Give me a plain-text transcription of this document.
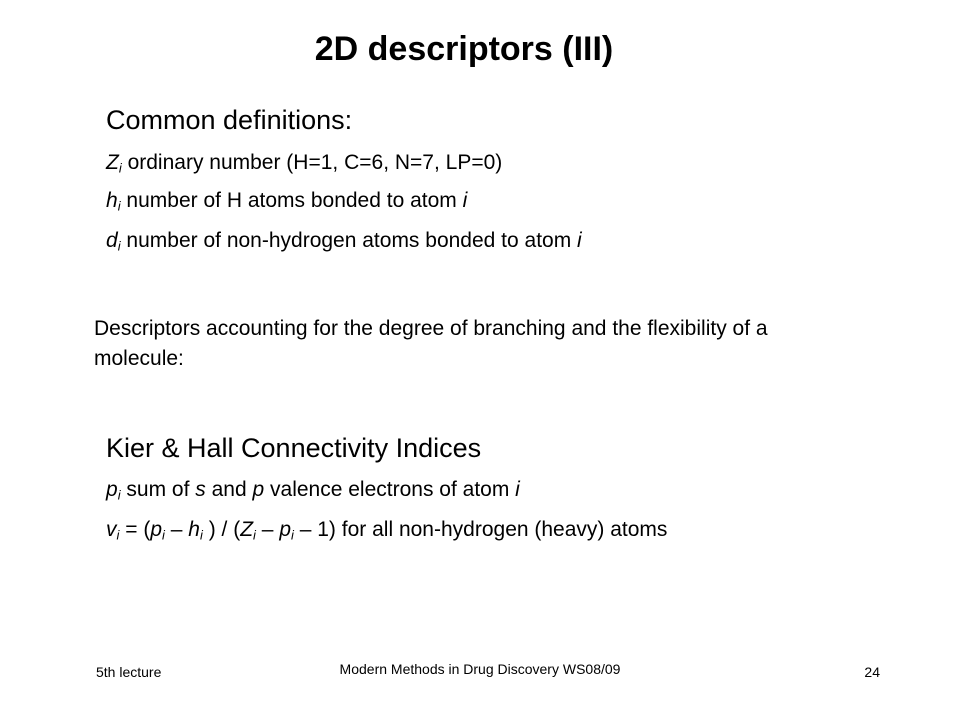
2D descriptors (III)
Common definitions:
$Z_i$ ordinary number (H=1, C=6, N=7, LP=0)
$h_i$ number of H atoms bonded to atom i
$d_i$ number of non-hydrogen atoms bonded to atom i
Descriptors accounting for the degree of branching and the flexibility of a molecule:
Kier & Hall Connectivity Indices
$p_i$ sum of s and p valence electrons of atom i
$v_i = (p_i - h_i$ ) / $(Z_i - p_i - 1)$ for all non-hydrogen (heavy) atoms
5th lecture	Modern Methods in Drug Discovery WS08/09	24
